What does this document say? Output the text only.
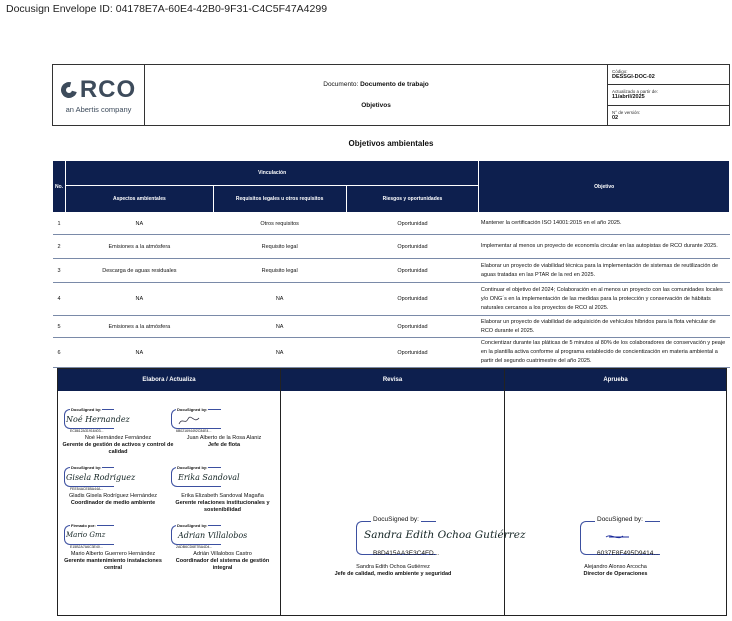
Docusign Envelope ID: 04178E7A-60E4-42B0-9F31-C4C5F47A4299
RCO
an Abertis company
Documento: Documento de trabajo
Objetivos
Código:
DESSGI-DOC-02
Actualizado a partir de:
11/abril/2025
N° de versión:
02
Objetivos ambientales
No.	Vinculación			Objetivo
	Aspectos ambientales	Requisitos legales u otros requisitos	Riesgos y oportunidades	
1	NA	Otros requisitos	Oportunidad	Mantener la certificación ISO 14001:2015 en el año 2025.
2	Emisiones a la atmósfera	Requisito legal	Oportunidad	Implementar al menos un proyecto de economía circular en las autopistas de RCO durante 2025.
3	Descarga de aguas residuales	Requisito legal	Oportunidad	Elaborar un proyecto de viabilidad técnica para la implementación de sistemas de reutilización de aguas tratadas en las PTAR de la red en 2025.
4	NA	NA	Oportunidad	Continuar el objetivo del 2024; Colaboración en al menos un proyecto con las comunidades locales y/o ONG´s en la implementación de las medidas para la protección y conservación de hábitats naturales cercanos a los proyectos de RCO al 2025.
5	Emisiones a la atmósfera	NA	Oportunidad	Elaborar un proyecto de viabilidad de adquisición de vehículos híbridos para la flota vehicular de RCO durante el 2025.
6	NA	NA	Oportunidad	Concientizar durante las pláticas de 5 minutos al 80% de los colaboradores de conservación y peaje en la plantilla activa conforme al programa establecido de concientización en materia ambiental a partir del segundo cuatrimestre del año 2025.
Elabora / Actualiza
DocuSigned by:
Noé Hernandez
EC8612A31916403...
Noé Hernández Fernández
Gerente de gestión de activos y control de calidad
DocuSigned by:
6B021694492C84E4...
Juan Alberto de la Rosa Alaniz
Jefe de flota
DocuSigned by:
Gisela Rodriguez
FEE54ACE85A44A...
Gladis Gisela Rodríguez Hernández
Coordinador de medio ambiente
DocuSigned by:
Erika Sandoval
Erika Elizabeth Sandoval Magaña
Gerente relaciones institucionales y sostenibilidad
Firmado por:
Mario Gmz
E15B2A7A6C3E40...
Mario Alberto Guerrero Hernández
Gerente mantenimiento instalaciones central
DocuSigned by:
Adrian Villalobos
2ADB6CD6E7BA4D4...
Adrián Villalobos Castro
Coordinador del sistema de gestión integral
Revisa
DocuSigned by:
Sandra Edith Ochoa Gutiérrez
B8D415AA3E3C4FD...
Sandra Edith Ochoa Gutiérrez
Jefe de calidad, medio ambiente y seguridad
Aprueba
DocuSigned by:
6037E8F495D9414...
Alejandro Alonso Arcocha
Director de Operaciones
